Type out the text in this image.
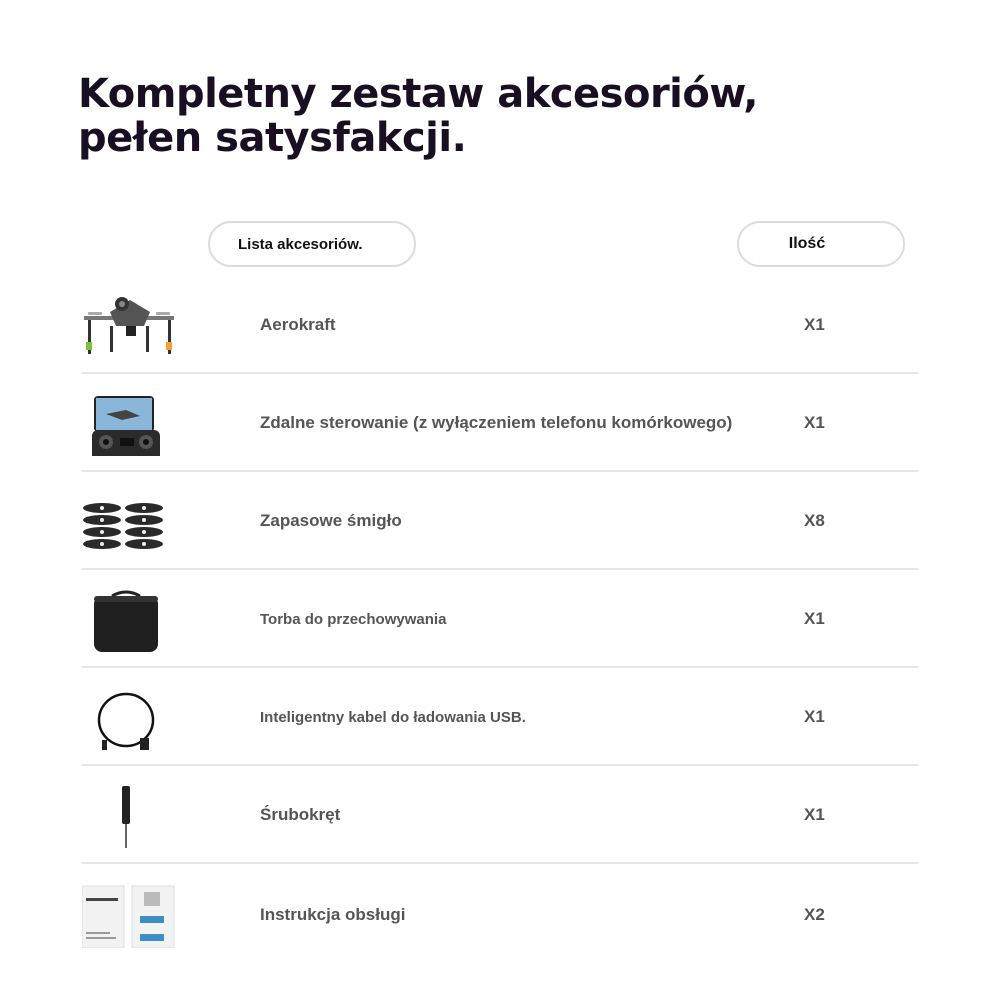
Kompletny zestaw akcesoriów,
pełen satysfakcji.
Lista akcesoriów.	Ilość
Aerokraft	X1
Zdalne sterowanie (z wyłączeniem telefonu komórkowego)	X1
Zapasowe śmigło	X8
Torba do przechowywania	X1
Inteligentny kabel do ładowania USB.	X1
Śrubokręt	X1
Instrukcja obsługi	X2
